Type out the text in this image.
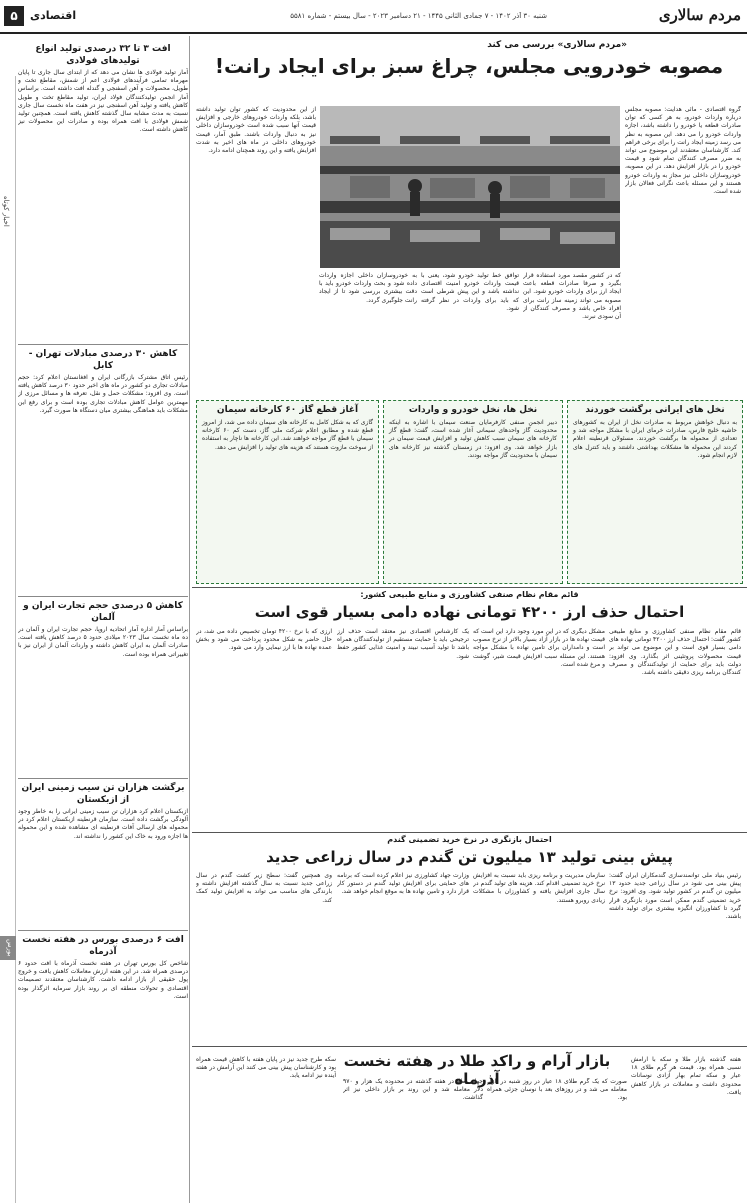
مردم سالاری
شنبه ۳۰ آذر ۱۴۰۲ - ۷ جمادی الثانی ۱۴۴۵ - ۲۱ دسامبر ۲۰۲۳ - سال بیستم - شماره ۵۵۸۱
اقتصادی
۵
اخبار کوتاه
بورس
افت ۳ تا ۳۲ درصدی تولید انواع تولیدهای فولادی
آمار تولید فولادی ها نشان می دهد که از ابتدای سال جاری تا پایان مهرماه تمامی فرآیندهای فولادی اعم از شمش، مقاطع تخت و طویل، محصولات و آهن اسفنجی و گندله افت داشته است. براساس آمار انجمن تولیدکنندگان فولاد ایران، تولید مقاطع تخت و طویل کاهش یافته و تولید آهن اسفنجی نیز در هفت ماه نخست سال جاری نسبت به مدت مشابه سال گذشته کاهش یافته است. همچنین تولید شمش فولادی با افت همراه بوده و صادرات این محصولات نیز کاهش داشته است.
کاهش ۳۰ درصدی مبادلات تهران - کابل
رئیس اتاق مشترک بازرگانی ایران و افغانستان اعلام کرد: حجم مبادلات تجاری دو کشور در ماه های اخیر حدود ۳۰ درصد کاهش یافته است. وی افزود: مشکلات حمل و نقل، تعرفه ها و مسائل مرزی از مهمترین عوامل کاهش مبادلات تجاری بوده است و برای رفع این مشکلات باید هماهنگی بیشتری میان دستگاه ها صورت گیرد.
کاهش ۵ درصدی حجم تجارت ایران و آلمان
براساس آمار اداره آمار اتحادیه اروپا، حجم تجارت ایران و آلمان در ده ماه نخست سال ۲۰۲۳ میلادی حدود ۵ درصد کاهش یافته است. صادرات آلمان به ایران کاهش داشته و واردات آلمان از ایران نیز با تغییراتی همراه بوده است.
برگشت هزاران تن سیب زمینی ایران از ازبکستان
ازبکستان اعلام کرد هزاران تن سیب زمینی ایرانی را به خاطر وجود آلودگی برگشت داده است. سازمان قرنطینه ازبکستان اعلام کرد در محموله های ارسالی آفات قرنطینه ای مشاهده شده و این محموله ها اجازه ورود به خاک این کشور را نداشته اند.
افت ۶ درصدی بورس در هفته نخست آذرماه
شاخص کل بورس تهران در هفته نخست آذرماه با افت حدود ۶ درصدی همراه شد. در این هفته ارزش معاملات کاهش یافت و خروج پول حقیقی از بازار ادامه داشت. کارشناسان معتقدند تصمیمات اقتصادی و تحولات منطقه ای بر روند بازار سرمایه اثرگذار بوده است.
«مردم سالاری» بررسی می کند
مصوبه خودرویی مجلس، چراغ سبز برای ایجاد رانت!
گروه اقتصادی - مائی هدایت: مصوبه مجلس درباره واردات خودرو، به هر کسی که توان صادرات قطعه یا خودرو را داشته باشد، اجازه واردات خودرو را می دهد. این مصوبه به نظر می رسد زمینه ایجاد رانت را برای برخی فراهم کند. کارشناسان معتقدند این موضوع می تواند به ضرر مصرف کنندگان تمام شود و قیمت خودرو را در بازار افزایش دهد. در این مصوبه، خودروسازان داخلی نیز مجاز به واردات خودرو هستند و این مسئله باعث نگرانی فعالان بازار شده است.
از این محدودیت که کشور توان تولید داشته باشد، بلکه واردات خودروهای خارجی و افزایش قیمت آنها سبب شده است خودروسازان داخلی نیز به دنبال واردات باشند. طبق آمار، قیمت خودروهای داخلی در ماه های اخیر به شدت افزایش یافته و این روند همچنان ادامه دارد.
که در کشور مقصد مورد استفاده قرار بگیرد و صرفا صادرات قطعه باعث ایجاد ارز برای واردات خودرو شود. این مصوبه می تواند زمینه ساز رانت برای افراد خاص باشد و مصرف کنندگان از آن سودی نبرند.
توافق خط تولید خودرو شود، یعنی با قیمت واردات خودرو امنیت اقتصادی نداشته باشد و این پیش شرطی است که باید برای واردات در نظر گرفته شود.
به خودروسازان داخلی اجازه واردات داده شود و بحث واردات خودرو باید با دقت بیشتری بررسی شود تا از ایجاد رانت جلوگیری گردد.
نخل های ایرانی برگشت خوردند
به دنبال خواهش مربوط به صادرات نخل از ایران به کشورهای حاشیه خلیج فارس، صادرات خرمای ایران با مشکل مواجه شد و تعدادی از محموله ها برگشت خوردند. مسئولان قرنطینه اعلام کردند این محموله ها مشکلات بهداشتی داشتند و باید کنترل های لازم انجام شود.
نخل ها، نخل خودرو و واردات
دبیر انجمن صنفی کارفرمایان صنعت سیمان با اشاره به اینکه محدودیت گاز واحدهای سیمانی آغاز شده است، گفت: قطع گاز کارخانه های سیمان سبب کاهش تولید و افزایش قیمت سیمان در بازار خواهد شد. وی افزود: در زمستان گذشته نیز کارخانه های سیمان با محدودیت گاز مواجه بودند.
آغاز قطع گاز ۶۰ کارخانه سیمان
گازی که به شکل کامل به کارخانه های سیمان داده می شد، از امروز قطع شده و مطابق اعلام شرکت ملی گاز، دست کم ۶۰ کارخانه سیمان با قطع گاز مواجه خواهند شد. این کارخانه ها ناچار به استفاده از سوخت مازوت هستند که هزینه های تولید را افزایش می دهد.
قائم مقام نظام صنفی کشاورزی و منابع طبیعی کشور:
احتمال حذف ارز ۴۲۰۰ تومانی نهاده دامی بسیار قوی است
قائم مقام نظام صنفی کشاورزی و منابع طبیعی کشور گفت: احتمال حذف ارز ۴۲۰۰ تومانی نهاده های دامی بسیار قوی است و این موضوع می تواند بر قیمت محصولات پروتئینی اثر بگذارد. وی افزود: دولت باید برای حمایت از تولیدکنندگان و مصرف کنندگان برنامه ریزی دقیقی داشته باشد.
مشکل دیگری که در این مورد وجود دارد این است که قیمت نهاده ها در بازار آزاد بسیار بالاتر از نرخ مصوب است و دامداران برای تامین نهاده با مشکل مواجه هستند. این مسئله سبب افزایش قیمت شیر، گوشت و مرغ شده است.
یک کارشناس اقتصادی نیز معتقد است حذف ارز ترجیحی باید با حمایت مستقیم از تولیدکنندگان همراه باشد تا تولید آسیب نبیند و امنیت غذایی کشور حفظ شود.
ارزی که با نرخ ۴۲۰۰ تومان تخصیص داده می شد، در حال حاضر به شکل محدود پرداخت می شود و بخش عمده نهاده ها با ارز نیمایی وارد می شود.
احتمال بازنگری در نرخ خرید تضمینی گندم
پیش بینی تولید ۱۳ میلیون تن گندم در سال زراعی جدید
رئیس بنیاد ملی توانمندسازی گندمکاران ایران گفت: پیش بینی می شود در سال زراعی جدید حدود ۱۳ میلیون تن گندم در کشور تولید شود. وی افزود: نرخ خرید تضمینی گندم ممکن است مورد بازنگری قرار گیرد تا کشاورزان انگیزه بیشتری برای تولید داشته باشند.
سازمان مدیریت و برنامه ریزی باید نسبت به افزایش نرخ خرید تضمینی اقدام کند. هزینه های تولید گندم در سال جاری افزایش یافته و کشاورزان با مشکلات زیادی روبرو هستند.
وزارت جهاد کشاورزی نیز اعلام کرده است که برنامه های حمایتی برای افزایش تولید گندم در دستور کار قرار دارد و تامین نهاده ها به موقع انجام خواهد شد.
وی همچنین گفت: سطح زیر کشت گندم در سال زراعی جدید نسبت به سال گذشته افزایش داشته و بارندگی های مناسب می تواند به افزایش تولید کمک کند.
بازار آرام و راکد طلا در هفته نخست آذرماه
هفته گذشته بازار طلا و سکه با آرامش نسبی همراه بود. قیمت هر گرم طلای ۱۸ عیار و سکه تمام بهار آزادی نوسانات محدودی داشت و معاملات در بازار کاهش یافت.
صورت که یک گرم طلای ۱۸ عیار در روز شنبه در بازار معامله می شد و در روزهای بعد با نوسان جزئی همراه بود.
جهانی طلا در هفته گذشته در محدوده یک هزار و ۹۷۰ دلار معامله شد و این روند بر بازار داخلی نیز اثر گذاشت.
سکه طرح جدید نیز در پایان هفته با کاهش قیمت همراه بود و کارشناسان پیش بینی می کنند این آرامش در هفته آینده نیز ادامه یابد.
